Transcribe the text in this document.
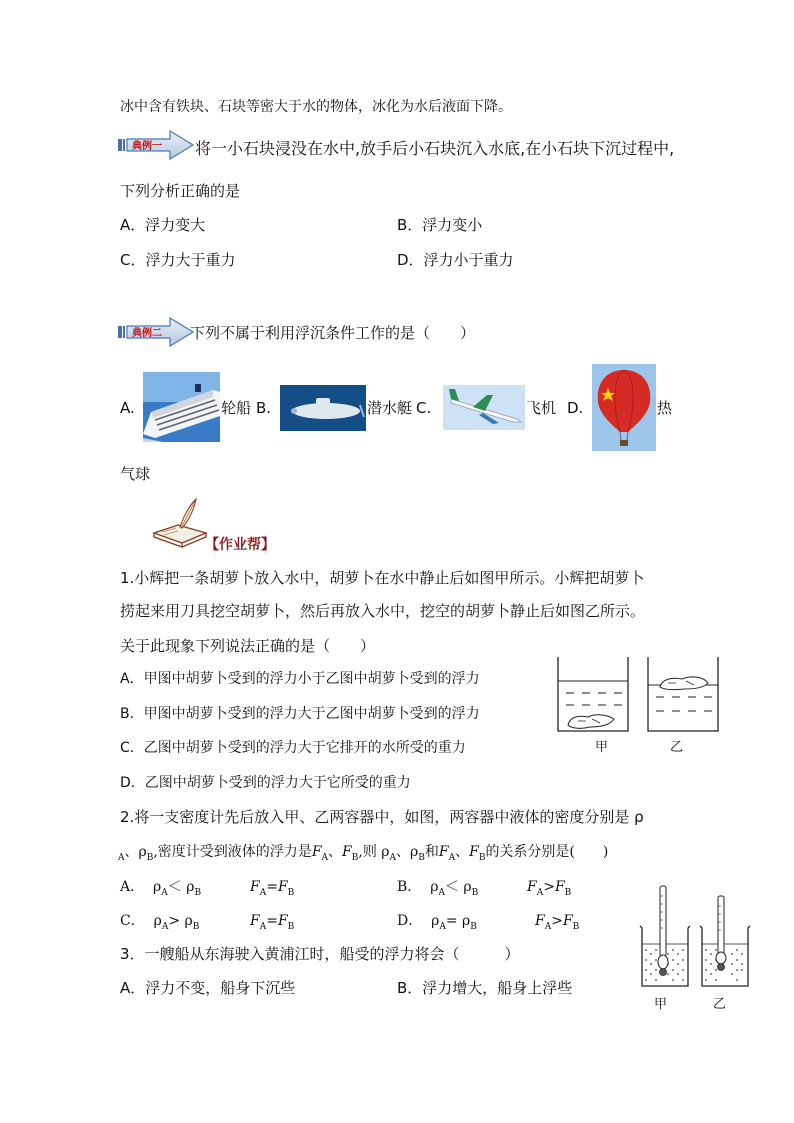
冰中含有铁块、石块等密大于水的物体，冰化为水后液面下降。
典例一 将一小石块浸没在水中,放手后小石块沉入水底,在小石块下沉过程中,
下列分析正确的是
A．浮力变大	B．浮力变小
C．浮力大于重力	D．浮力小于重力
典例二 下列不属于利用浮沉条件工作的是（　　）
A.	轮船 B.	潜水艇 C.	飞机 D.	热
气球
【作业帮】
1.小辉把一条胡萝卜放入水中，胡萝卜在水中静止后如图甲所示。小辉把胡萝卜
捞起来用刀具挖空胡萝卜，然后再放入水中，挖空的胡萝卜静止后如图乙所示。
关于此现象下列说法正确的是（　　）
A．甲图中胡萝卜受到的浮力小于乙图中胡萝卜受到的浮力
B．甲图中胡萝卜受到的浮力大于乙图中胡萝卜受到的浮力
C．乙图中胡萝卜受到的浮力大于它排开的水所受的重力
D．乙图中胡萝卜受到的浮力大于它所受的重力
甲	乙
2.将一支密度计先后放入甲、乙两容器中，如图，两容器中液体的密度分别是 ρ
$_A$、$\rho_B$,密度计受到液体的浮力是$F_A$、$F_B$,则 $\rho_A$、$\rho_B$和$F_A$、$F_B$的关系分别是(　　)
A． $\rho_A< \rho_B$	$F_A=F_B$	B． $\rho_A< \rho_B$	$F_A>F_B$
C． $\rho_A> \rho_B$	$F_A=F_B$	D． $\rho_A= \rho_B$	$F_A>F_B$
甲	乙
3．一艘船从东海驶入黄浦江时，船受的浮力将会（　　　）
A．浮力不变，船身下沉些	B．浮力增大，船身上浮些
